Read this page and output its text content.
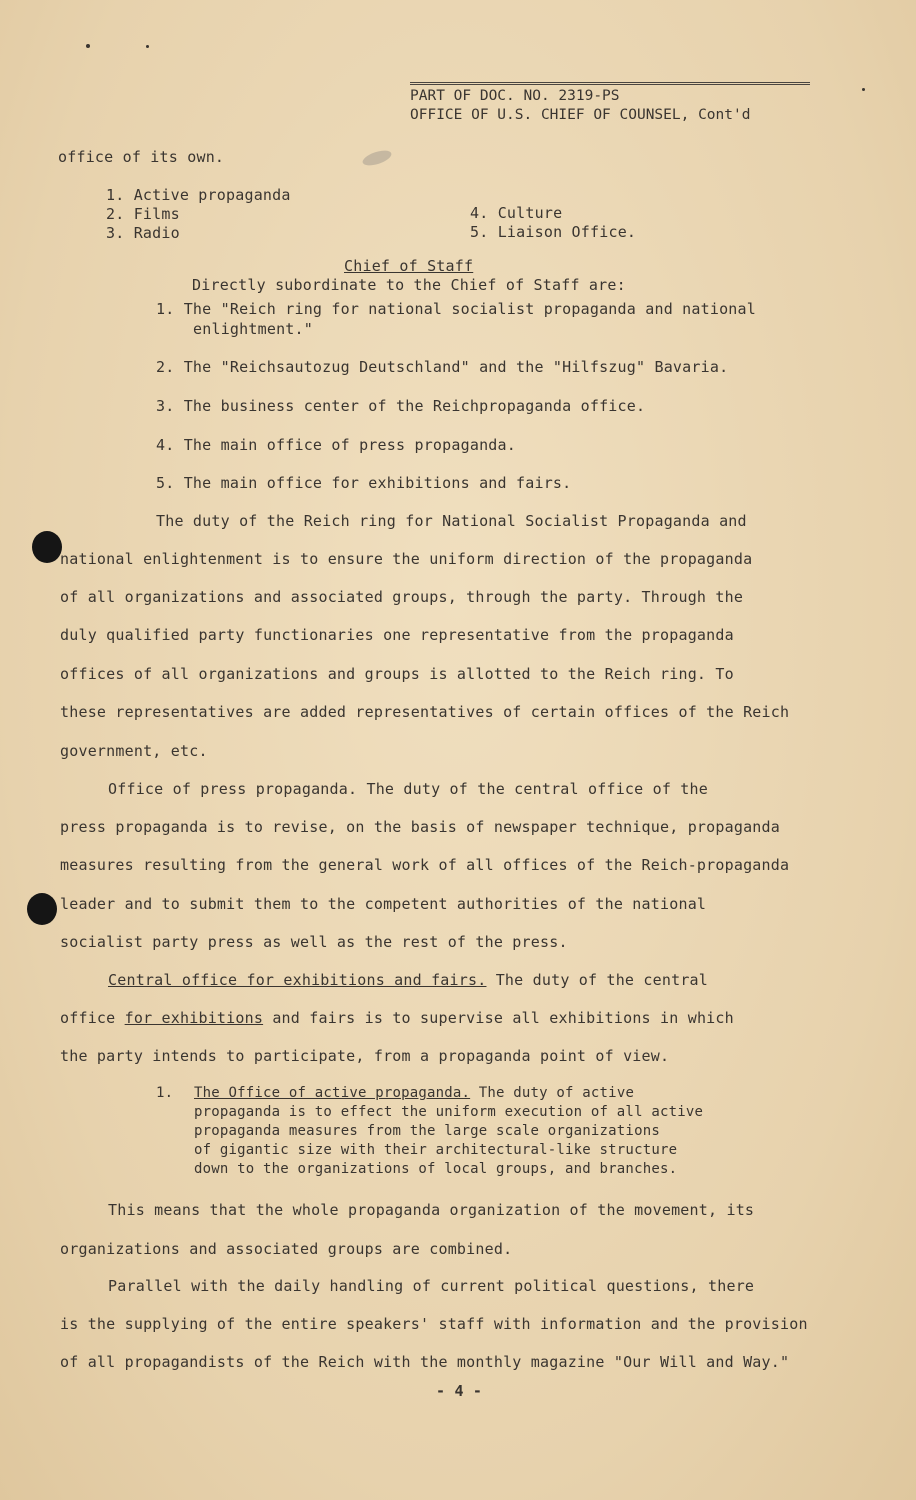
PART OF DOC. NO. 2319-PS
OFFICE OF U.S. CHIEF OF COUNSEL, Cont'd
office of its own.
1. Active propaganda
2. Films
3. Radio
4. Culture
5. Liaison Office.
Chief of Staff
Directly subordinate to the Chief of Staff are:
1. The "Reich ring for national socialist propaganda and national
enlightment."
2. The "Reichsautozug Deutschland" and the "Hilfszug" Bavaria.
3. The business center of the Reichpropaganda office.
4. The main office of press propaganda.
5. The main office for exhibitions and fairs.
The duty of the Reich ring for National Socialist Propaganda and
national enlightenment is to ensure the uniform direction of the propaganda
of all organizations and associated groups, through the party. Through the
duly qualified party functionaries one representative from the propaganda
offices of all organizations and groups is allotted to the Reich ring. To
these representatives are added representatives of certain offices of the Reich
government, etc.
Office of press propaganda. The duty of the central office of the
press propaganda is to revise, on the basis of newspaper technique, propaganda
measures resulting from the general work of all offices of the Reich-propaganda
leader and to submit them to the competent authorities of the national
socialist party press as well as the rest of the press.
Central office for exhibitions and fairs. The duty of the central
office for exhibitions and fairs is to supervise all exhibitions in which
the party intends to participate, from a propaganda point of view.
1. The Office of active propaganda. The duty of active
propaganda is to effect the uniform execution of all active
propaganda measures from the large scale organizations
of gigantic size with their architectural-like structure
down to the organizations of local groups, and branches.
This means that the whole propaganda organization of the movement, its
organizations and associated groups are combined.
Parallel with the daily handling of current political questions, there
is the supplying of the entire speakers' staff with information and the provision
of all propagandists of the Reich with the monthly magazine "Our Will and Way."
- 4 -
